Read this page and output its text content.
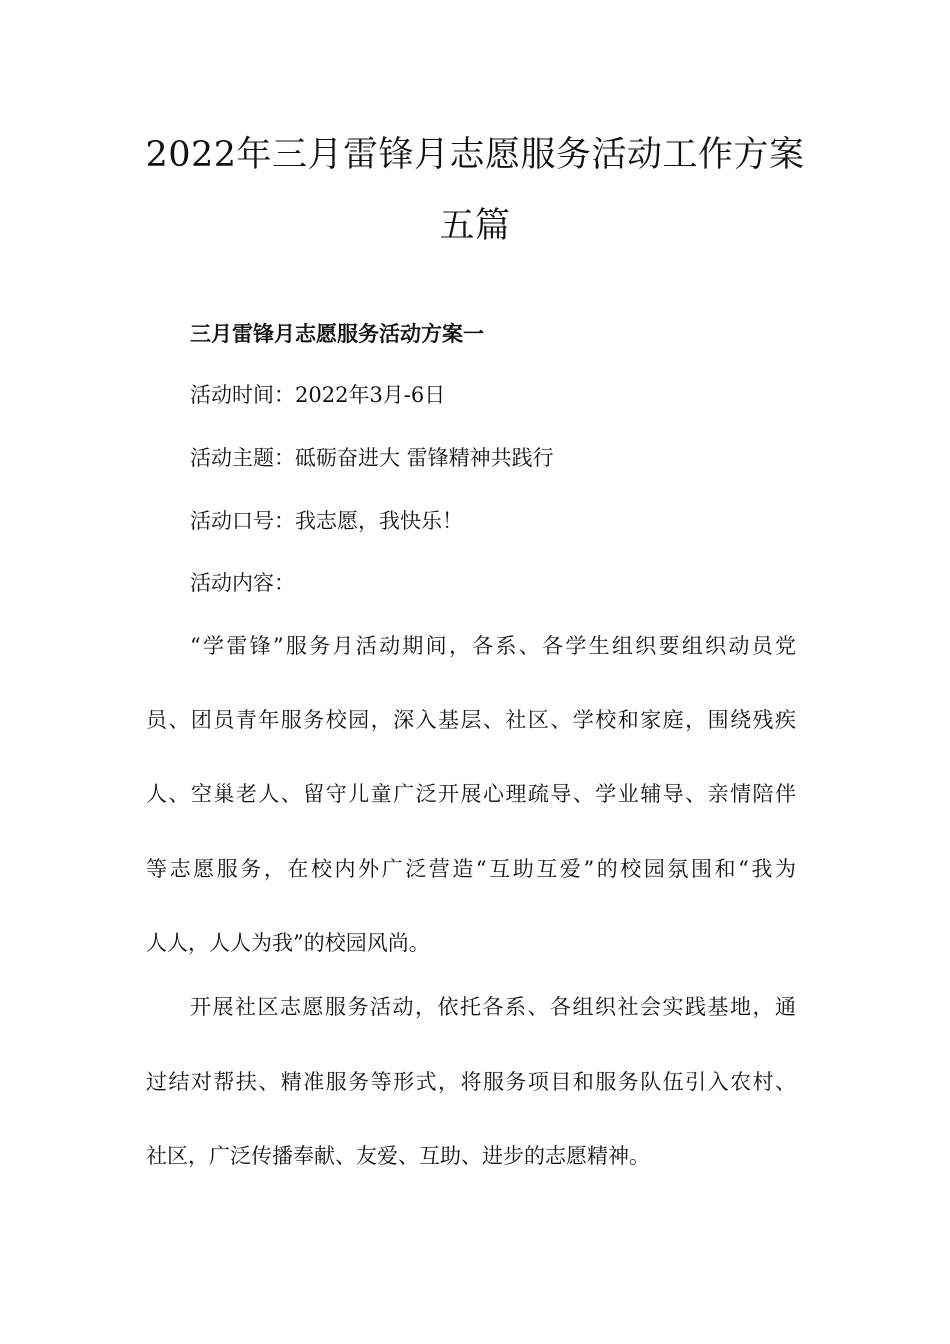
2022年三月雷锋月志愿服务活动工作方案
五篇

三月雷锋月志愿服务活动方案一

活动时间：2022年3月-6日

活动主题：砥砺奋进大 雷锋精神共践行

活动口号：我志愿，我快乐！

活动内容：

“学雷锋”服务月活动期间，各系、各学生组织要组织动员党

员、团员青年服务校园，深入基层、社区、学校和家庭，围绕残疾

人、空巢老人、留守儿童广泛开展心理疏导、学业辅导、亲情陪伴

等志愿服务，在校内外广泛营造“互助互爱”的校园氛围和“我为

人人，人人为我”的校园风尚。

开展社区志愿服务活动，依托各系、各组织社会实践基地，通

过结对帮扶、精准服务等形式，将服务项目和服务队伍引入农村、

社区，广泛传播奉献、友爱、互助、进步的志愿精神。
